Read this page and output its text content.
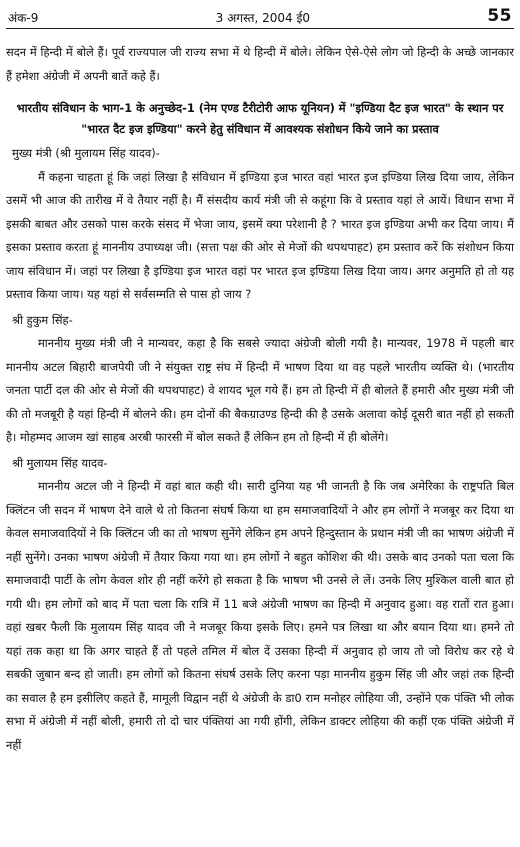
अंक-9	3 अगस्त, 2004 ई0	55

सदन में हिन्दी में बोले हैं। पूर्व राज्यपाल जी राज्य सभा में थे हिन्दी में बोले। लेकिन ऐसे-ऐसे लोग जो हिन्दी के अच्छे जानकार हैं हमेशा अंग्रेजी में अपनी बातें कहे हैं।

भारतीय संविधान के भाग-1 के अनुच्छेद-1 (नेम एण्ड टैरीटोरी आफ यूनियन) में "इण्डिया दैट इज भारत" के स्थान पर "भारत दैट इज इण्डिया" करने हेतु संविधान में आवश्यक संशोधन किये जाने का प्रस्ताव

मुख्य मंत्री (श्री मुलायम सिंह यादव)-

मैं कहना चाहता हूं कि जहां लिखा है संविधान में इण्डिया इज भारत वहां भारत इज इण्डिया लिख दिया जाय, लेकिन उसमें भी आज की तारीख में वे तैयार नहीं है। मैं संसदीय कार्य मंत्री जी से कहूंगा कि वे प्रस्ताव यहां ले आयें। विधान सभा में इसकी बाबत और उसको पास करके संसद में भेजा जाय, इसमें क्या परेशानी है ? भारत इज इण्डिया अभी कर दिया जाय। मैं इसका प्रस्ताव करता हूं माननीय उपाध्यक्ष जी। (सत्ता पक्ष की ओर से मेजों की थपथपाहट) हम प्रस्ताव करें कि संशोधन किया जाय संविधान में। जहां पर लिखा है इण्डिया इज भारत वहां पर भारत इज इण्डिया लिख दिया जाय। अगर अनुमति हो तो यह प्रस्ताव किया जाय। यह यहां से सर्वसम्मति से पास हो जाय ?

श्री हुकुम सिंह-

माननीय मुख्य मंत्री जी ने मान्यवर, कहा है कि सबसे ज्यादा अंग्रेजी बोली गयी है। मान्यवर, 1978 में पहली बार माननीय अटल बिहारी बाजपेयी जी ने संयुक्त राष्ट्र संघ में हिन्दी में भाषण दिया था वह पहले भारतीय व्यक्ति थे। (भारतीय जनता पार्टी दल की ओर से मेजों की थपथपाहट) वे शायद भूल गये हैं। हम तो हिन्दी में ही बोलते हैं हमारी और मुख्य मंत्री जी की तो मजबूरी है यहां हिन्दी में बोलने की। हम दोनों की बैकग्राउण्ड हिन्दी की है उसके अलावा कोई दूसरी बात नहीं हो सकती है। मोहम्मद आजम खां साहब अरबी फारसी में बोल सकते हैं लेकिन हम तो हिन्दी में ही बोलेंगे।

श्री मुलायम सिंह यादव-

माननीय अटल जी ने हिन्दी में वहां बात कही थी। सारी दुनिया यह भी जानती है कि जब अमेरिका के राष्ट्रपति बिल क्लिंटन जी सदन में भाषण देने वाले थे तो कितना संघर्ष किया था हम समाजवादियों ने और हम लोगों ने मजबूर कर दिया था केवल समाजवादियों ने कि क्लिंटन जी का तो भाषण सुनेंगे लेकिन हम अपने हिन्दुस्तान के प्रधान मंत्री जी का भाषण अंग्रेजी में नहीं सुनेंगे। उनका भाषण अंग्रेजी में तैयार किया गया था। हम लोगों ने बहुत कोशिश की थी। उसके बाद उनको पता चला कि समाजवादी पार्टी के लोग केवल शोर ही नहीं करेंगे हो सकता है कि भाषण भी उनसे ले लें। उनके लिए मुश्किल वाली बात हो गयी थी। हम लोगों को बाद में पता चला कि रात्रि में 11 बजे अंग्रेजी भाषण का हिन्दी में अनुवाद हुआ। वह रातों रात हुआ। वहां खबर फैली कि मुलायम सिंह यादव जी ने मजबूर किया इसके लिए। हमने पत्र लिखा था और बयान दिया था। हमने तो यहां तक कहा था कि अगर चाहते हैं तो पहले तमिल में बोल दें उसका हिन्दी में अनुवाद हो जाय तो जो विरोध कर रहे थे सबकी जुबान बन्द हो जाती। हम लोगों को कितना संघर्ष उसके लिए करना पड़ा माननीय हुकुम सिंह जी और जहां तक हिन्दी का सवाल है हम इसीलिए कहते हैं, मामूली विद्वान नहीं थे अंग्रेजी के डा0 राम मनोहर लोहिया जी, उन्होंने एक पंक्ति भी लोक सभा में अंग्रेजी में नहीं बोली, हमारी तो दो चार पंक्तियां आ गयी होंगी, लेकिन डाक्टर लोहिया की कहीं एक पंक्ति अंग्रेजी में नहीं
